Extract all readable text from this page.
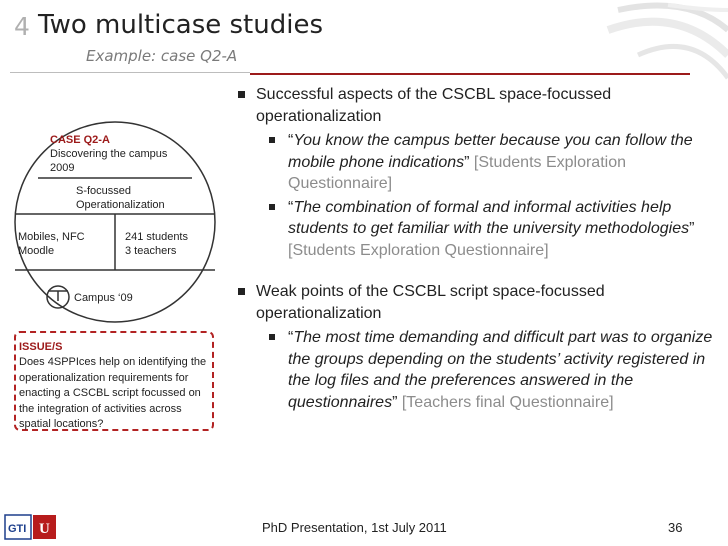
4 Two multicase studies
Example: case Q2-A
CASE Q2-A
Discovering the campus
2009
S-focussed
Operationalization
Mobiles, NFC
Moodle
241 students
3 teachers
Campus ‘09
ISSUE/S
Does 4SPPIces help on identifying the operationalization requirements for enacting a CSCBL script focussed on the integration of activities across spatial locations?
Successful aspects of the CSCBL space-focussed operationalization
“You know the campus better because you can follow the mobile phone indications” [Students Exploration Questionnaire]
“The combination of formal and informal activities help students to get familiar with the university methodologies” [Students Exploration Questionnaire]
Weak points of the CSCBL script space-focussed operationalization
“The most time demanding and difficult part was to organize the groups depending on the students’ activity registered in the log files and the preferences answered in the questionnaires” [Teachers final Questionnaire]
GTI U	PhD Presentation, 1st July 2011	36
